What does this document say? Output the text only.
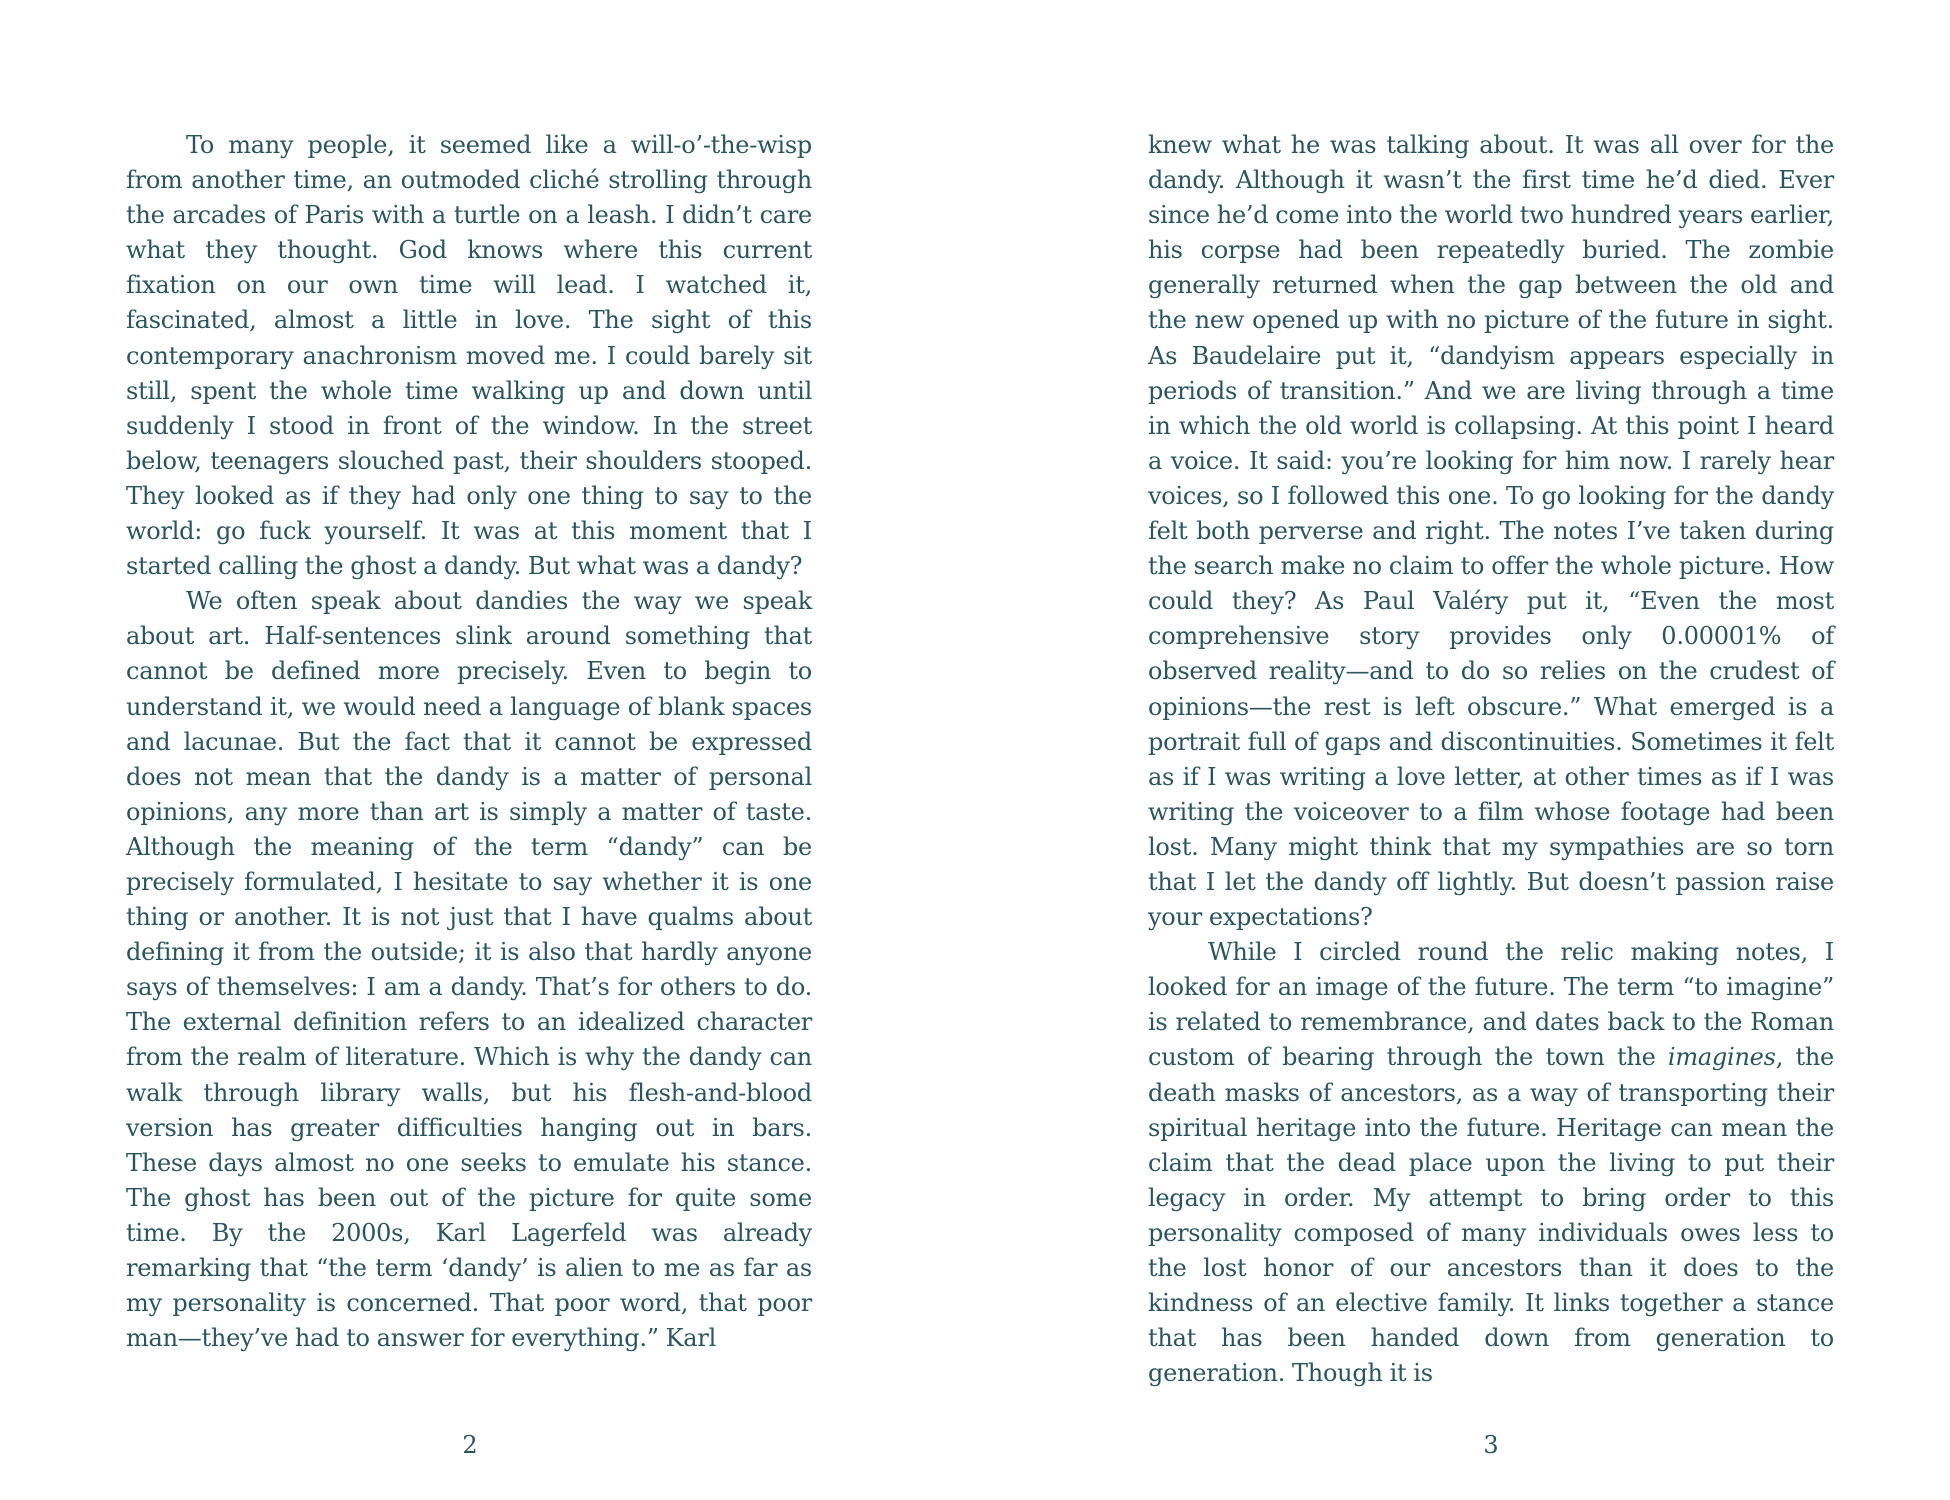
To many people, it seemed like a will-o’-the-wisp from another time, an outmoded cliché strolling through the arcades of Paris with a turtle on a leash. I didn’t care what they thought. God knows where this current fixation on our own time will lead. I watched it, fascinated, almost a little in love. The sight of this contemporary anachronism moved me. I could barely sit still, spent the whole time walking up and down until suddenly I stood in front of the window. In the street below, teenagers slouched past, their shoulders stooped. They looked as if they had only one thing to say to the world: go fuck yourself. It was at this moment that I started calling the ghost a dandy. But what was a dandy?

We often speak about dandies the way we speak about art. Half-sentences slink around something that cannot be defined more precisely. Even to begin to understand it, we would need a language of blank spaces and lacunae. But the fact that it cannot be expressed does not mean that the dandy is a matter of personal opinions, any more than art is simply a matter of taste. Although the meaning of the term “dandy” can be precisely formulated, I hesitate to say whether it is one thing or another. It is not just that I have qualms about defining it from the outside; it is also that hardly anyone says of themselves: I am a dandy. That’s for others to do. The external definition refers to an idealized character from the realm of literature. Which is why the dandy can walk through library walls, but his flesh-and-blood version has greater difficulties hanging out in bars. These days almost no one seeks to emulate his stance. The ghost has been out of the picture for quite some time. By the 2000s, Karl Lagerfeld was already remarking that “the term ‘dandy’ is alien to me as far as my personality is concerned. That poor word, that poor man—they’ve had to answer for everything.” Karl

2

knew what he was talking about. It was all over for the dandy. Although it wasn’t the first time he’d died. Ever since he’d come into the world two hundred years earlier, his corpse had been repeatedly buried. The zombie generally returned when the gap between the old and the new opened up with no picture of the future in sight. As Baudelaire put it, “dandyism appears especially in periods of transition.” And we are living through a time in which the old world is collapsing. At this point I heard a voice. It said: you’re looking for him now. I rarely hear voices, so I followed this one. To go looking for the dandy felt both perverse and right. The notes I’ve taken during the search make no claim to offer the whole picture. How could they? As Paul Valéry put it, “Even the most comprehensive story provides only 0.00001% of observed reality—and to do so relies on the crudest of opinions—the rest is left obscure.” What emerged is a portrait full of gaps and discontinuities. Sometimes it felt as if I was writing a love letter, at other times as if I was writing the voiceover to a film whose footage had been lost. Many might think that my sympathies are so torn that I let the dandy off lightly. But doesn’t passion raise your expectations?

While I circled round the relic making notes, I looked for an image of the future. The term “to imagine” is related to remembrance, and dates back to the Roman custom of bearing through the town the imagines, the death masks of ancestors, as a way of transporting their spiritual heritage into the future. Heritage can mean the claim that the dead place upon the living to put their legacy in order. My attempt to bring order to this personality composed of many individuals owes less to the lost honor of our ancestors than it does to the kindness of an elective family. It links together a stance that has been handed down from generation to generation. Though it is

3
